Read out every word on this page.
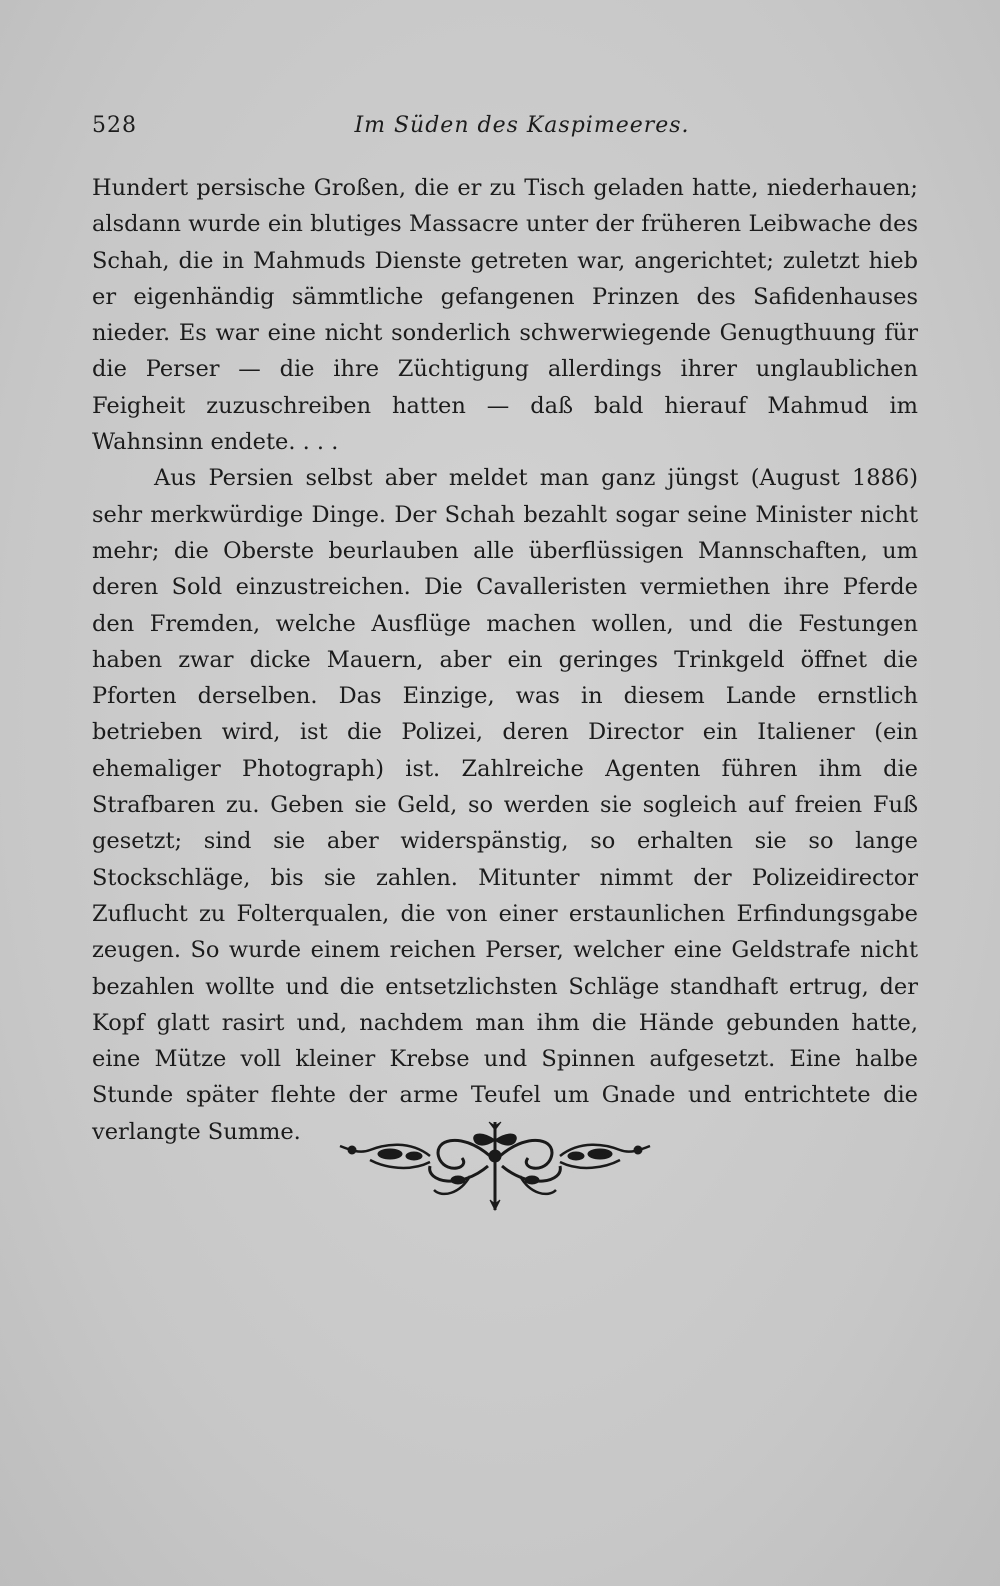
528	Im Süden des Kaspimeeres.

Hundert persische Großen, die er zu Tisch geladen hatte, niederhauen; alsdann wurde ein blutiges Massacre unter der früheren Leibwache des Schah, die in Mahmuds Dienste getreten war, angerichtet; zuletzt hieb er eigenhändig sämmtliche gefangenen Prinzen des Safidenhauses nieder. Es war eine nicht sonderlich schwerwiegende Genugthuung für die Perser — die ihre Züchtigung allerdings ihrer unglaublichen Feigheit zuzuschreiben hatten — daß bald hierauf Mahmud im Wahnsinn endete. . . .

Aus Persien selbst aber meldet man ganz jüngst (August 1886) sehr merkwürdige Dinge. Der Schah bezahlt sogar seine Minister nicht mehr; die Oberste beurlauben alle überflüssigen Mannschaften, um deren Sold einzustreichen. Die Cavalleristen vermiethen ihre Pferde den Fremden, welche Ausflüge machen wollen, und die Festungen haben zwar dicke Mauern, aber ein geringes Trinkgeld öffnet die Pforten derselben. Das Einzige, was in diesem Lande ernstlich betrieben wird, ist die Polizei, deren Director ein Italiener (ein ehemaliger Photograph) ist. Zahlreiche Agenten führen ihm die Strafbaren zu. Geben sie Geld, so werden sie sogleich auf freien Fuß gesetzt; sind sie aber widerspänstig, so erhalten sie so lange Stockschläge, bis sie zahlen. Mitunter nimmt der Polizeidirector Zuflucht zu Folterqualen, die von einer erstaunlichen Erfindungsgabe zeugen. So wurde einem reichen Perser, welcher eine Geldstrafe nicht bezahlen wollte und die entsetzlichsten Schläge standhaft ertrug, der Kopf glatt rasirt und, nachdem man ihm die Hände gebunden hatte, eine Mütze voll kleiner Krebse und Spinnen aufgesetzt. Eine halbe Stunde später flehte der arme Teufel um Gnade und entrichtete die verlangte Summe.
